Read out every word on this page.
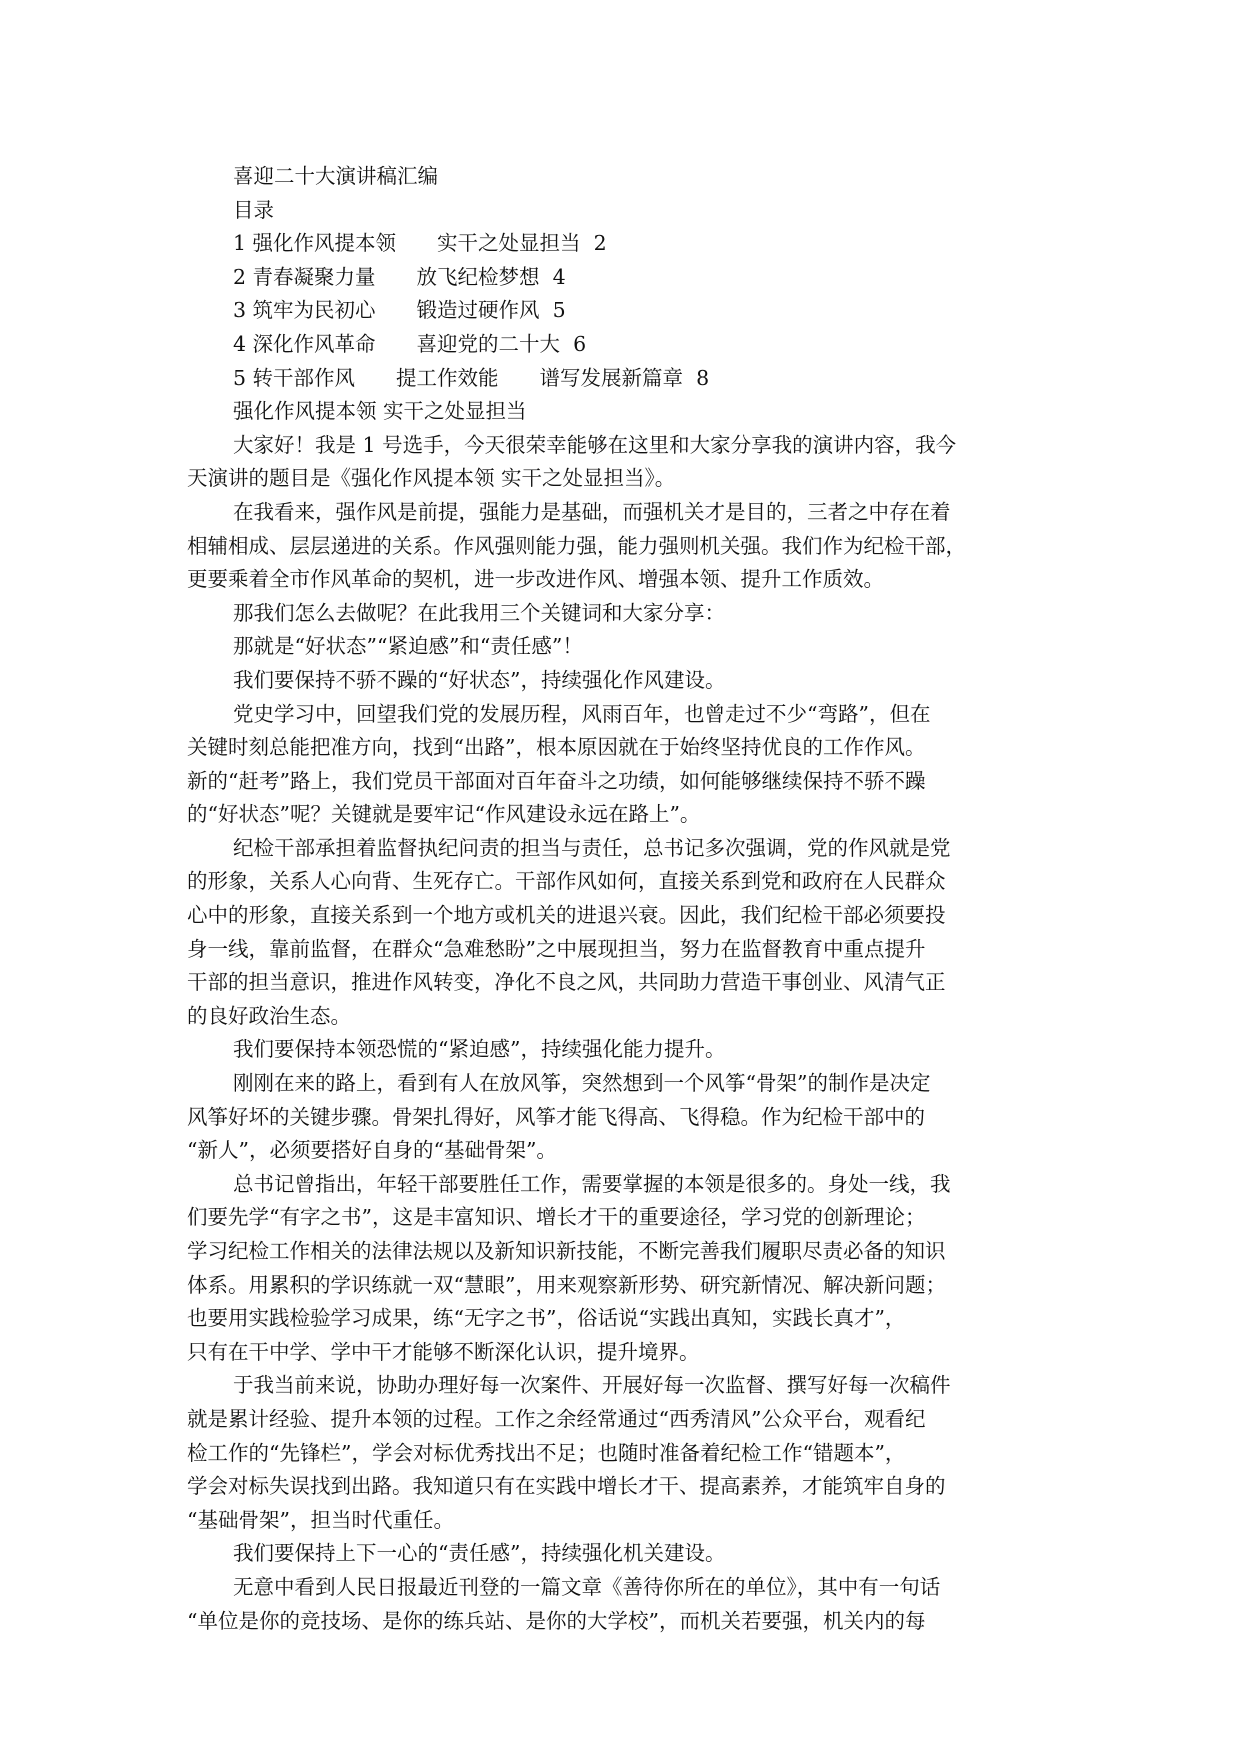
喜迎二十大演讲稿汇编
目录
1 强化作风提本领　　实干之处显担当  2
2 青春凝聚力量　　放飞纪检梦想  4
3 筑牢为民初心　　锻造过硬作风  5
4 深化作风革命　　喜迎党的二十大  6
5 转干部作风　　提工作效能　　谱写发展新篇章  8
强化作风提本领 实干之处显担当
大家好！我是 1 号选手，今天很荣幸能够在这里和大家分享我的演讲内容，我今
天演讲的题目是《强化作风提本领 实干之处显担当》。
在我看来，强作风是前提，强能力是基础，而强机关才是目的，三者之中存在着
相辅相成、层层递进的关系。作风强则能力强，能力强则机关强。我们作为纪检干部，
更要乘着全市作风革命的契机，进一步改进作风、增强本领、提升工作质效。
那我们怎么去做呢？在此我用三个关键词和大家分享：
那就是“好状态”“紧迫感”和“责任感”！
我们要保持不骄不躁的“好状态”，持续强化作风建设。
党史学习中，回望我们党的发展历程，风雨百年，也曾走过不少“弯路”，但在
关键时刻总能把准方向，找到“出路”，根本原因就在于始终坚持优良的工作作风。
新的“赶考”路上，我们党员干部面对百年奋斗之功绩，如何能够继续保持不骄不躁
的“好状态”呢？关键就是要牢记“作风建设永远在路上”。
纪检干部承担着监督执纪问责的担当与责任，总书记多次强调，党的作风就是党
的形象，关系人心向背、生死存亡。干部作风如何，直接关系到党和政府在人民群众
心中的形象，直接关系到一个地方或机关的进退兴衰。因此，我们纪检干部必须要投
身一线，靠前监督，在群众“急难愁盼”之中展现担当，努力在监督教育中重点提升
干部的担当意识，推进作风转变，净化不良之风，共同助力营造干事创业、风清气正
的良好政治生态。
我们要保持本领恐慌的“紧迫感”，持续强化能力提升。
刚刚在来的路上，看到有人在放风筝，突然想到一个风筝“骨架”的制作是决定
风筝好坏的关键步骤。骨架扎得好，风筝才能飞得高、飞得稳。作为纪检干部中的
“新人”，必须要搭好自身的“基础骨架”。
总书记曾指出，年轻干部要胜任工作，需要掌握的本领是很多的。身处一线，我
们要先学“有字之书”，这是丰富知识、增长才干的重要途径，学习党的创新理论；
学习纪检工作相关的法律法规以及新知识新技能，不断完善我们履职尽责必备的知识
体系。用累积的学识练就一双“慧眼”，用来观察新形势、研究新情况、解决新问题；
也要用实践检验学习成果，练“无字之书”，俗话说“实践出真知，实践长真才”，
只有在干中学、学中干才能够不断深化认识，提升境界。
于我当前来说，协助办理好每一次案件、开展好每一次监督、撰写好每一次稿件
就是累计经验、提升本领的过程。工作之余经常通过“西秀清风”公众平台，观看纪
检工作的“先锋栏”，学会对标优秀找出不足；也随时准备着纪检工作“错题本”，
学会对标失误找到出路。我知道只有在实践中增长才干、提高素养，才能筑牢自身的
“基础骨架”，担当时代重任。
我们要保持上下一心的“责任感”，持续强化机关建设。
无意中看到人民日报最近刊登的一篇文章《善待你所在的单位》，其中有一句话
“单位是你的竞技场、是你的练兵站、是你的大学校”，而机关若要强，机关内的每
